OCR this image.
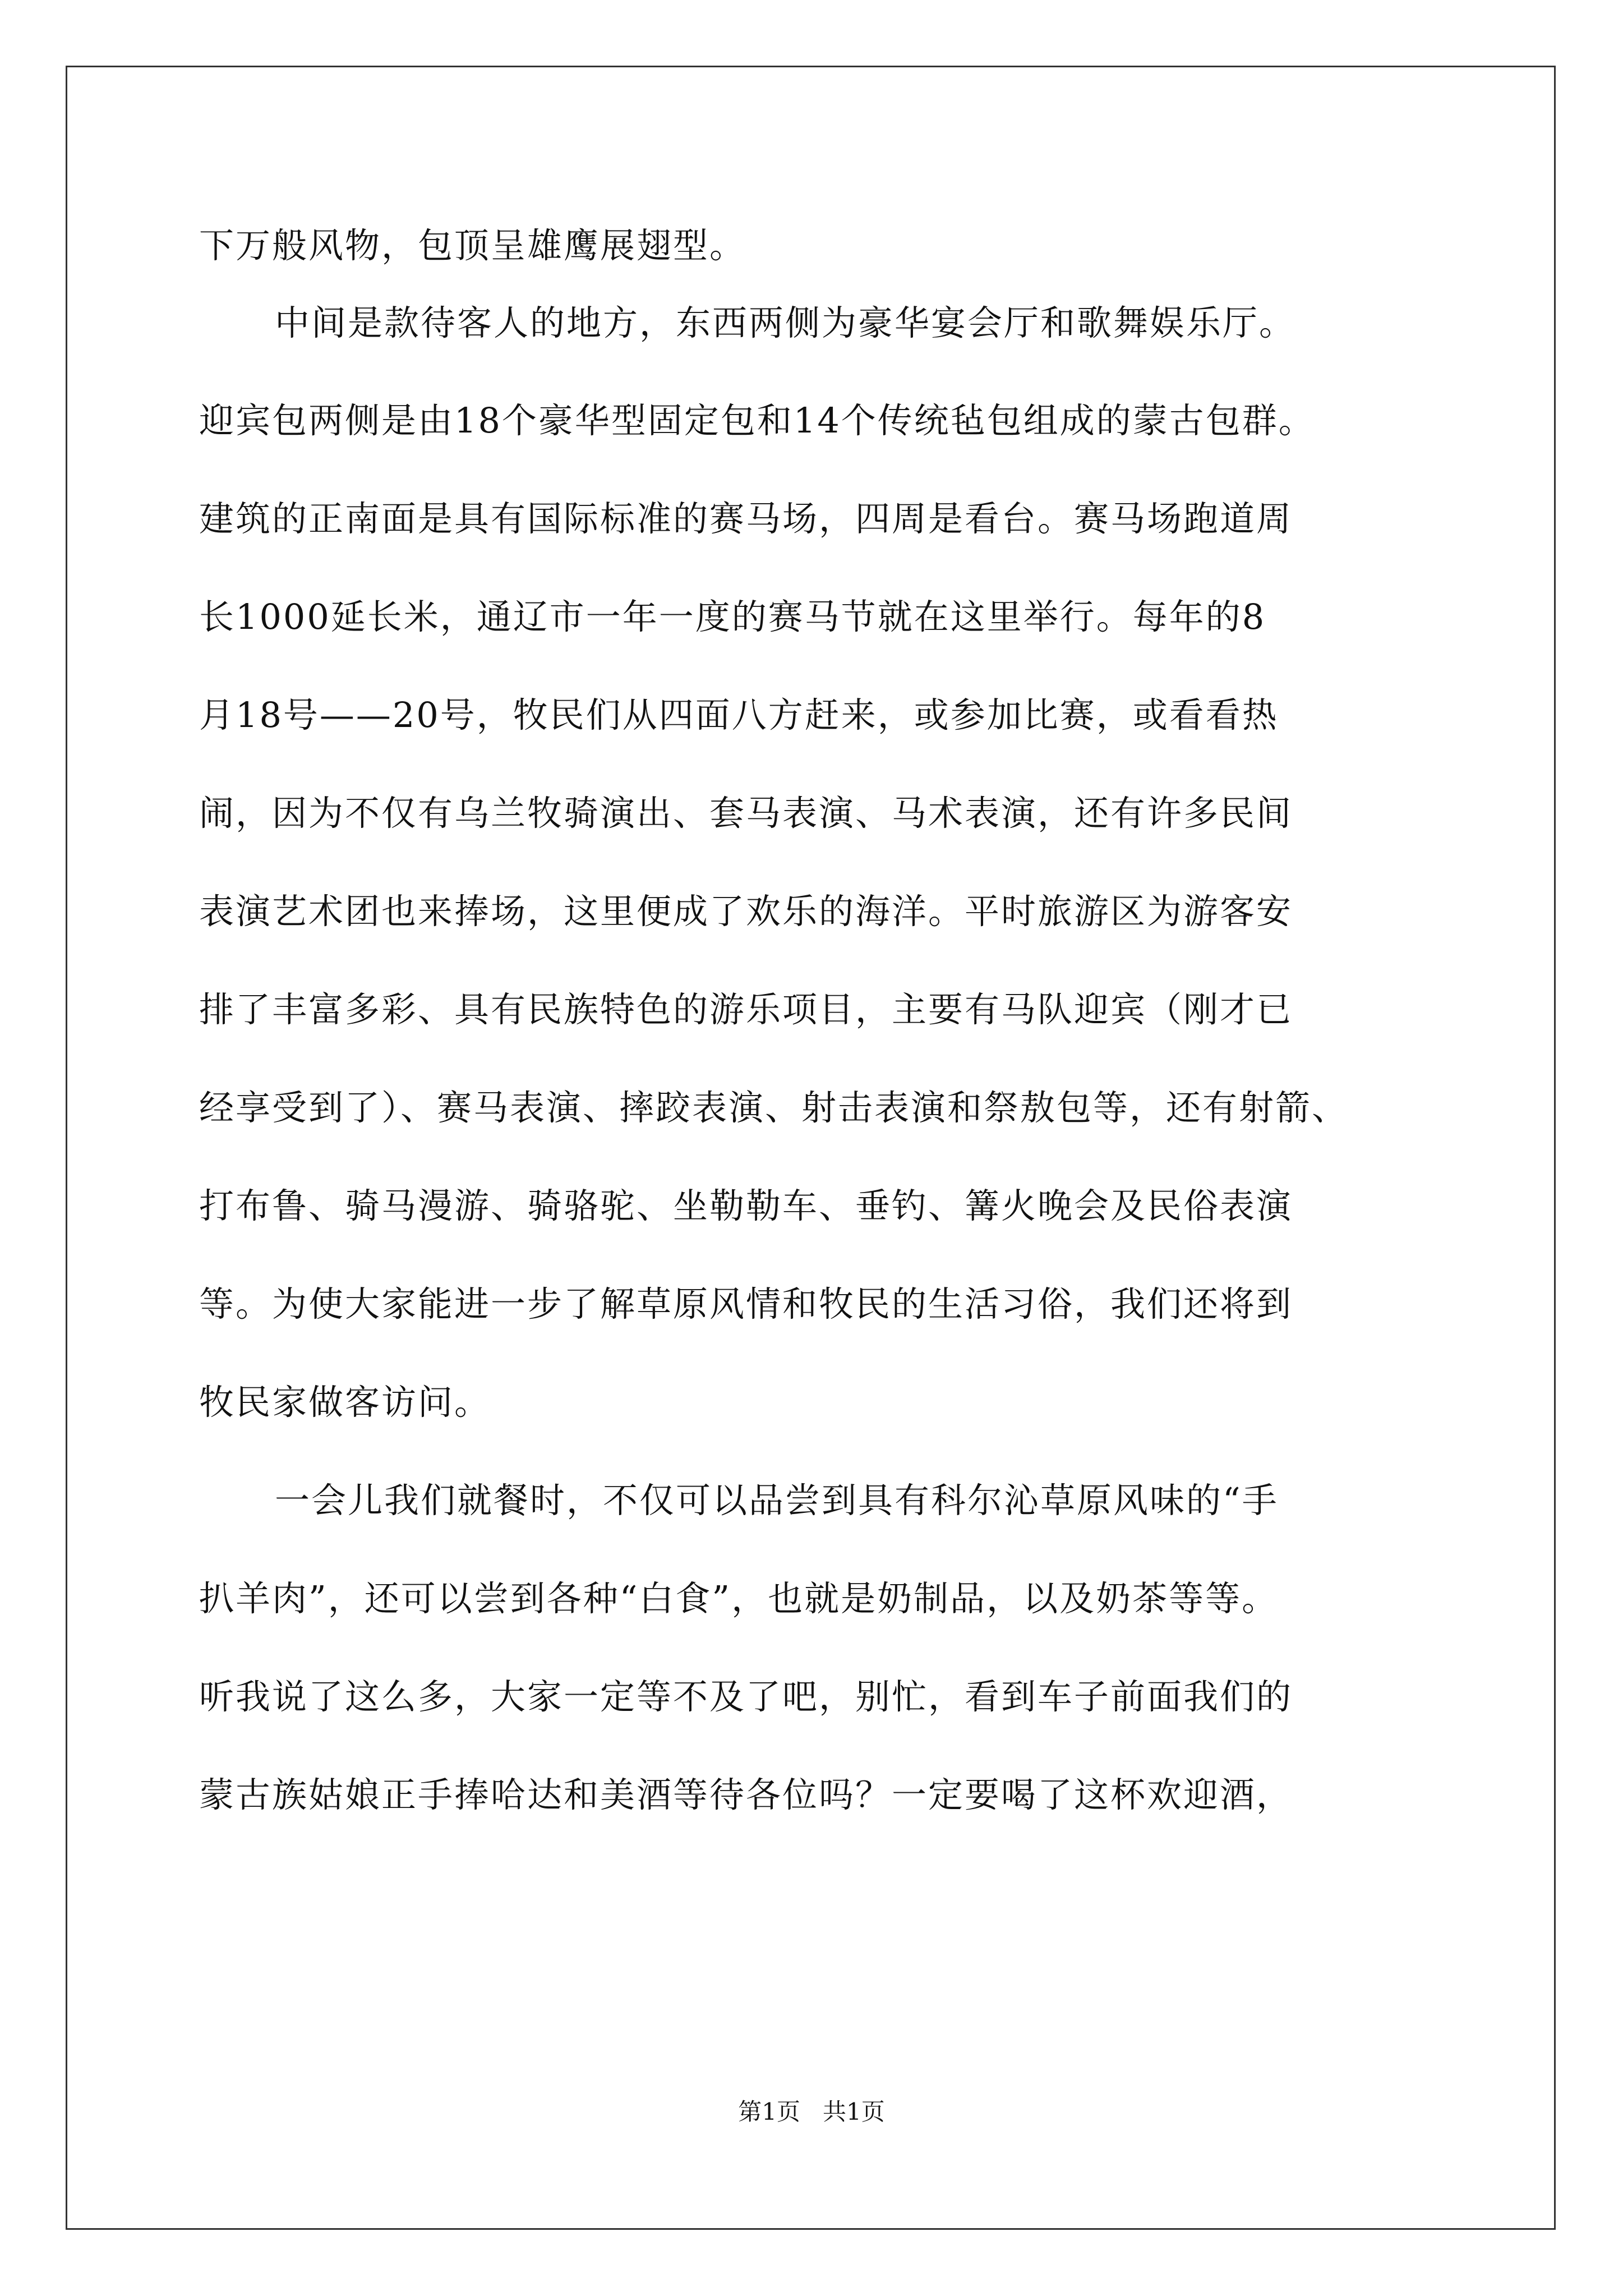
下万般风物，包顶呈雄鹰展翅型。
中间是款待客人的地方，东西两侧为豪华宴会厅和歌舞娱乐厅。
迎宾包两侧是由18个豪华型固定包和14个传统毡包组成的蒙古包群。
建筑的正南面是具有国际标准的赛马场，四周是看台。赛马场跑道周
长1000延长米，通辽市一年一度的赛马节就在这里举行。每年的8
月18号——20号，牧民们从四面八方赶来，或参加比赛，或看看热
闹，因为不仅有乌兰牧骑演出、套马表演、马术表演，还有许多民间
表演艺术团也来捧场，这里便成了欢乐的海洋。平时旅游区为游客安
排了丰富多彩、具有民族特色的游乐项目，主要有马队迎宾（刚才已
经享受到了）、赛马表演、摔跤表演、射击表演和祭敖包等，还有射箭、
打布鲁、骑马漫游、骑骆驼、坐勒勒车、垂钓、篝火晚会及民俗表演
等。为使大家能进一步了解草原风情和牧民的生活习俗，我们还将到
牧民家做客访问。
一会儿我们就餐时，不仅可以品尝到具有科尔沁草原风味的“手
扒羊肉”，还可以尝到各种“白食”，也就是奶制品，以及奶茶等等。
听我说了这么多，大家一定等不及了吧，别忙，看到车子前面我们的
蒙古族姑娘正手捧哈达和美酒等待各位吗？一定要喝了这杯欢迎酒，
第1页   共1页
